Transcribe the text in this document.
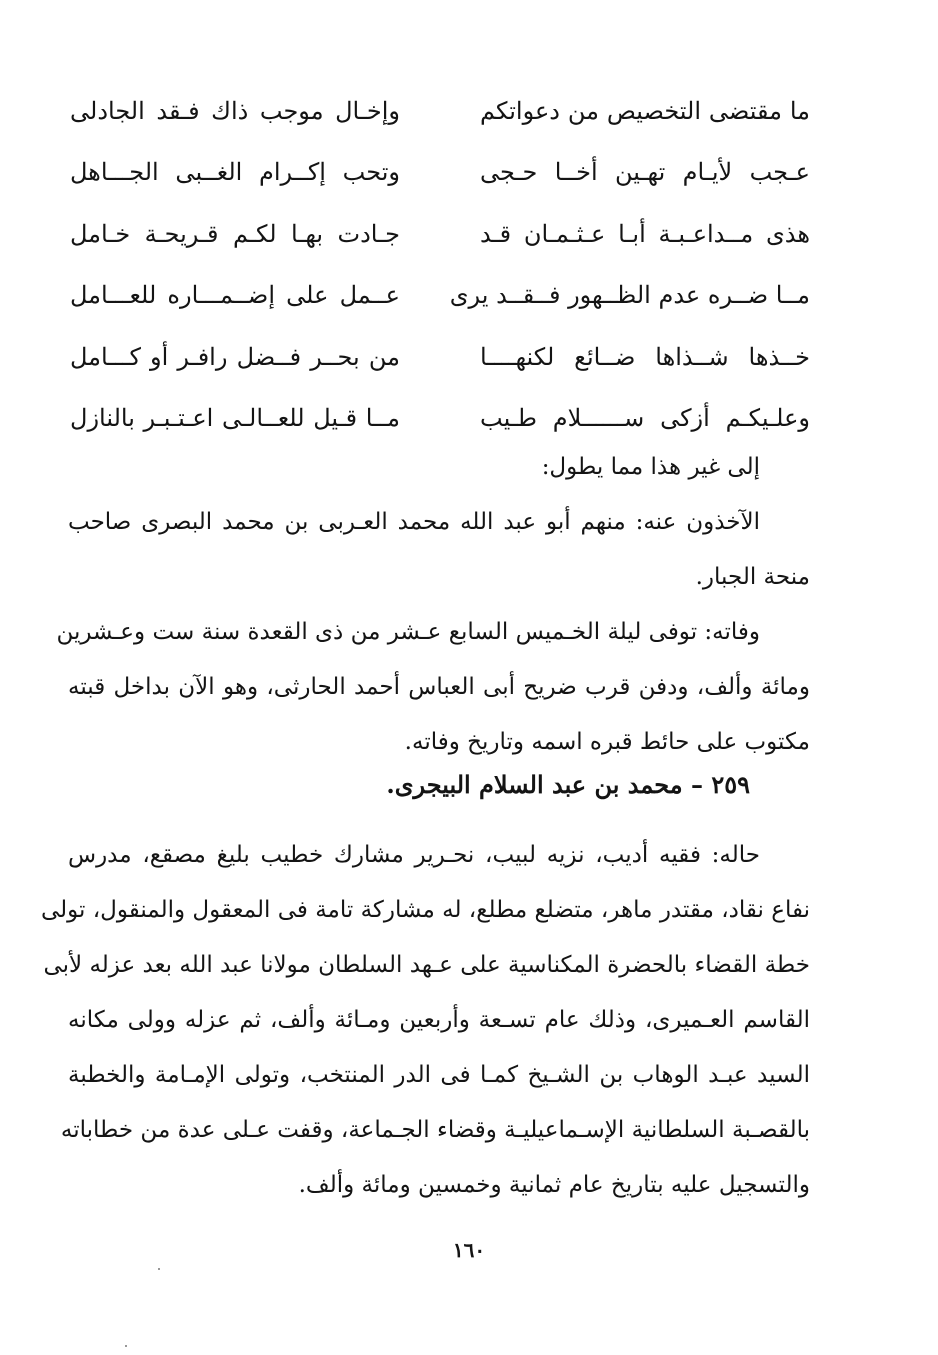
ما مقتضى التخصيص من دعواتكم
وإخـال موجب ذاك فـقد الجادلى
عـجب لأيـام تهـين أخــا حـجى
وتحب إكــرام الغــبى الجـــاهل
هذى مــداعـبـة أبـا عـثـمـان قـد
جـادت بهـا لكـم قـريحـة خـامل
مــا ضــره عدم الظــهور فــقــد يرى
عــمل على إضــمـــاره للعـــامل
خــذها شــذاها ضــائع لكنهــــا
من بحــر فــضل رافـر أو كـــامل
وعلـيكـم أزكى ســــــلام طـيب
مــا قـيل للعــالـى اعـتـبـر بالنازل
إلى غير هذا مما يطول:
الآخذون عنه: منهم أبو عبد الله محمد العـربى بن محمد البصرى صاحب
منحة الجبار.
وفاته: توفى ليلة الخـميس السابع عـشر من ذى القعدة سنة ست وعـشرين
ومائة وألف، ودفن قرب ضريح أبى العباس أحمد الحارثى، وهو الآن بداخل قبته
مكتوب على حائط قبره اسمه وتاريخ وفاته.
٢٥٩ – محمد بن عبد السلام البيجرى.
حاله: فقيه أديب، نزيه لبيب، نحـرير مشارك خطيب بليغ مصقع، مدرس
نفاع نقاد، مقتدر ماهر، متضلع مطلع، له مشاركة تامة فى المعقول والمنقول، تولى
خطة القضاء بالحضرة المكناسية على عـهد السلطان مولانا عبد الله بعد عزله لأبى
القاسم العـميرى، وذلك عام تسـعة وأربعين ومـائة وألف، ثم عزله وولى مكانه
السيد عبـد الوهاب بن الشـيخ كمـا فى الدر المنتخب، وتولى الإمـامة والخطبة
بالقصـبة السلطانية الإسـماعيليـة وقضاء الجـماعة، وقفت عـلى عدة من خطاباته
والتسجيل عليه بتاريخ عام ثمانية وخمسين ومائة وألف.
١٦٠
